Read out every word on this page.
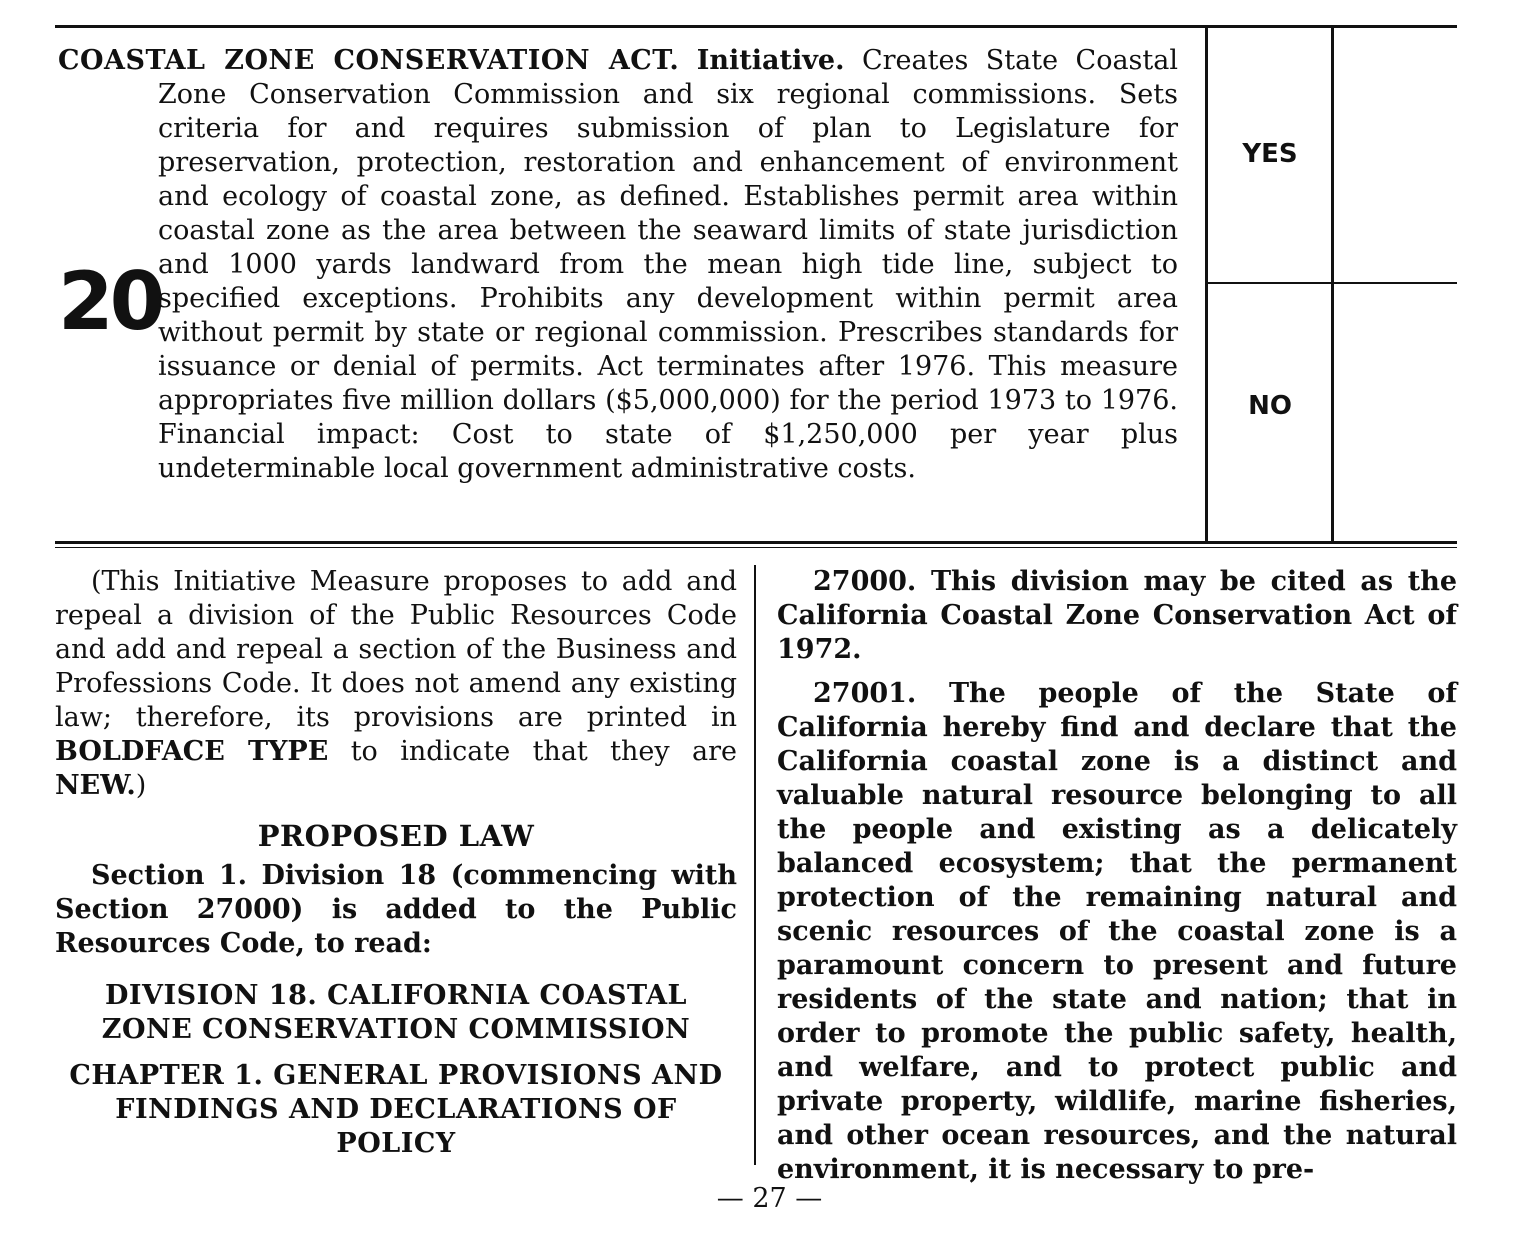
20
COASTAL ZONE CONSERVATION ACT. Initiative. Creates State Coastal Zone Conservation Commission and six regional commissions. Sets criteria for and requires submission of plan to Legislature for preservation, protection, restoration and enhancement of environment and ecology of coastal zone, as defined. Establishes permit area within coastal zone as the area between the seaward limits of state jurisdiction and 1000 yards landward from the mean high tide line, subject to specified exceptions. Prohibits any development within permit area without permit by state or regional commission. Prescribes standards for issuance or denial of permits. Act terminates after 1976. This measure appropriates five million dollars ($5,000,000) for the period 1973 to 1976. Financial impact: Cost to state of $1,250,000 per year plus undeterminable local government administrative costs.
YES
NO

(This Initiative Measure proposes to add and repeal a division of the Public Resources Code and add and repeal a section of the Business and Professions Code. It does not amend any existing law; therefore, its provisions are printed in BOLDFACE TYPE to indicate that they are NEW.)

PROPOSED LAW

Section 1. Division 18 (commencing with Section 27000) is added to the Public Resources Code, to read:

DIVISION 18. CALIFORNIA COASTAL ZONE CONSERVATION COMMISSION

CHAPTER 1. GENERAL PROVISIONS AND FINDINGS AND DECLARATIONS OF POLICY

27000. This division may be cited as the California Coastal Zone Conservation Act of 1972.

27001. The people of the State of California hereby find and declare that the California coastal zone is a distinct and valuable natural resource belonging to all the people and existing as a delicately balanced ecosystem; that the permanent protection of the remaining natural and scenic resources of the coastal zone is a paramount concern to present and future residents of the state and nation; that in order to promote the public safety, health, and welfare, and to protect public and private property, wildlife, marine fisheries, and other ocean resources, and the natural environment, it is necessary to pre-

— 27 —
